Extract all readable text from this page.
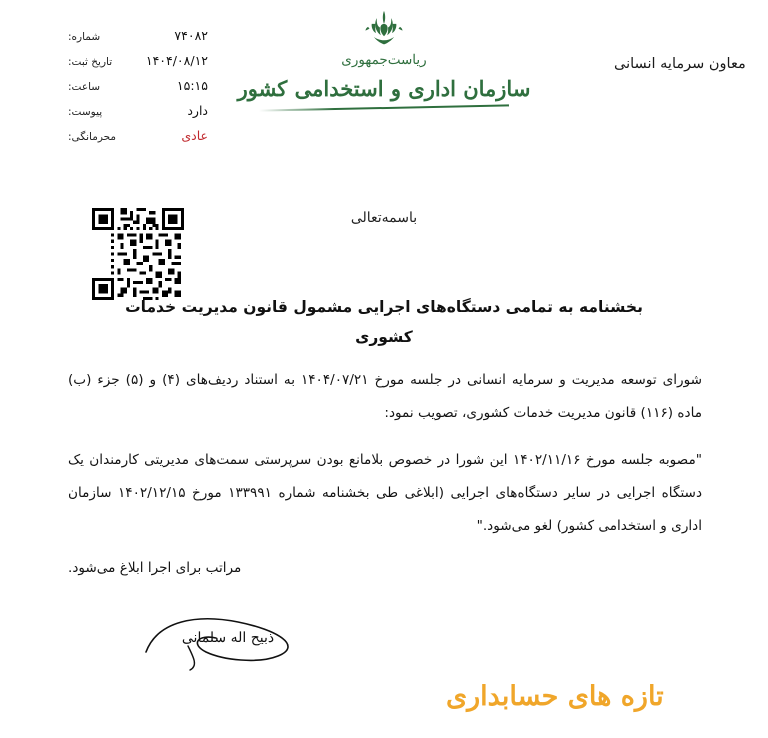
ریاست‌جمهوری
سازمان اداری و استخدامی کشور
۷۴۰۸۲
شماره:
۱۴۰۴/۰۸/۱۲
تاریخ ثبت:
۱۵:۱۵
ساعت:
دارد
پیوست:
عادی
محرمانگی:
معاون سرمایه انسانی
باسمه‌تعالی
بخشنامه به تمامی دستگاه‌های اجرایی مشمول قانون مدیریت خدمات کشوری
شورای توسعه مدیریت و سرمایه انسانی در جلسه مورخ ۱۴۰۴/۰۷/۲۱ به استناد ردیف‌های (۴) و (۵) جزء (ب) ماده (۱۱۶) قانون مدیریت خدمات کشوری، تصویب نمود:
"مصوبه جلسه مورخ ۱۴۰۲/۱۱/۱۶ این شورا در خصوص بلامانع بودن سرپرستی سمت‌های مدیریتی کارمندان یک دستگاه اجرایی در سایر دستگاه‌های اجرایی (ابلاغی طی بخشنامه شماره ۱۳۳۹۹۱ مورخ ۱۴۰۲/۱۲/۱۵ سازمان اداری و استخدامی کشور) لغو می‌شود."
مراتب برای اجرا ابلاغ می‌شود.
ذبیح اله سلمانی
تازه های حسابداری
